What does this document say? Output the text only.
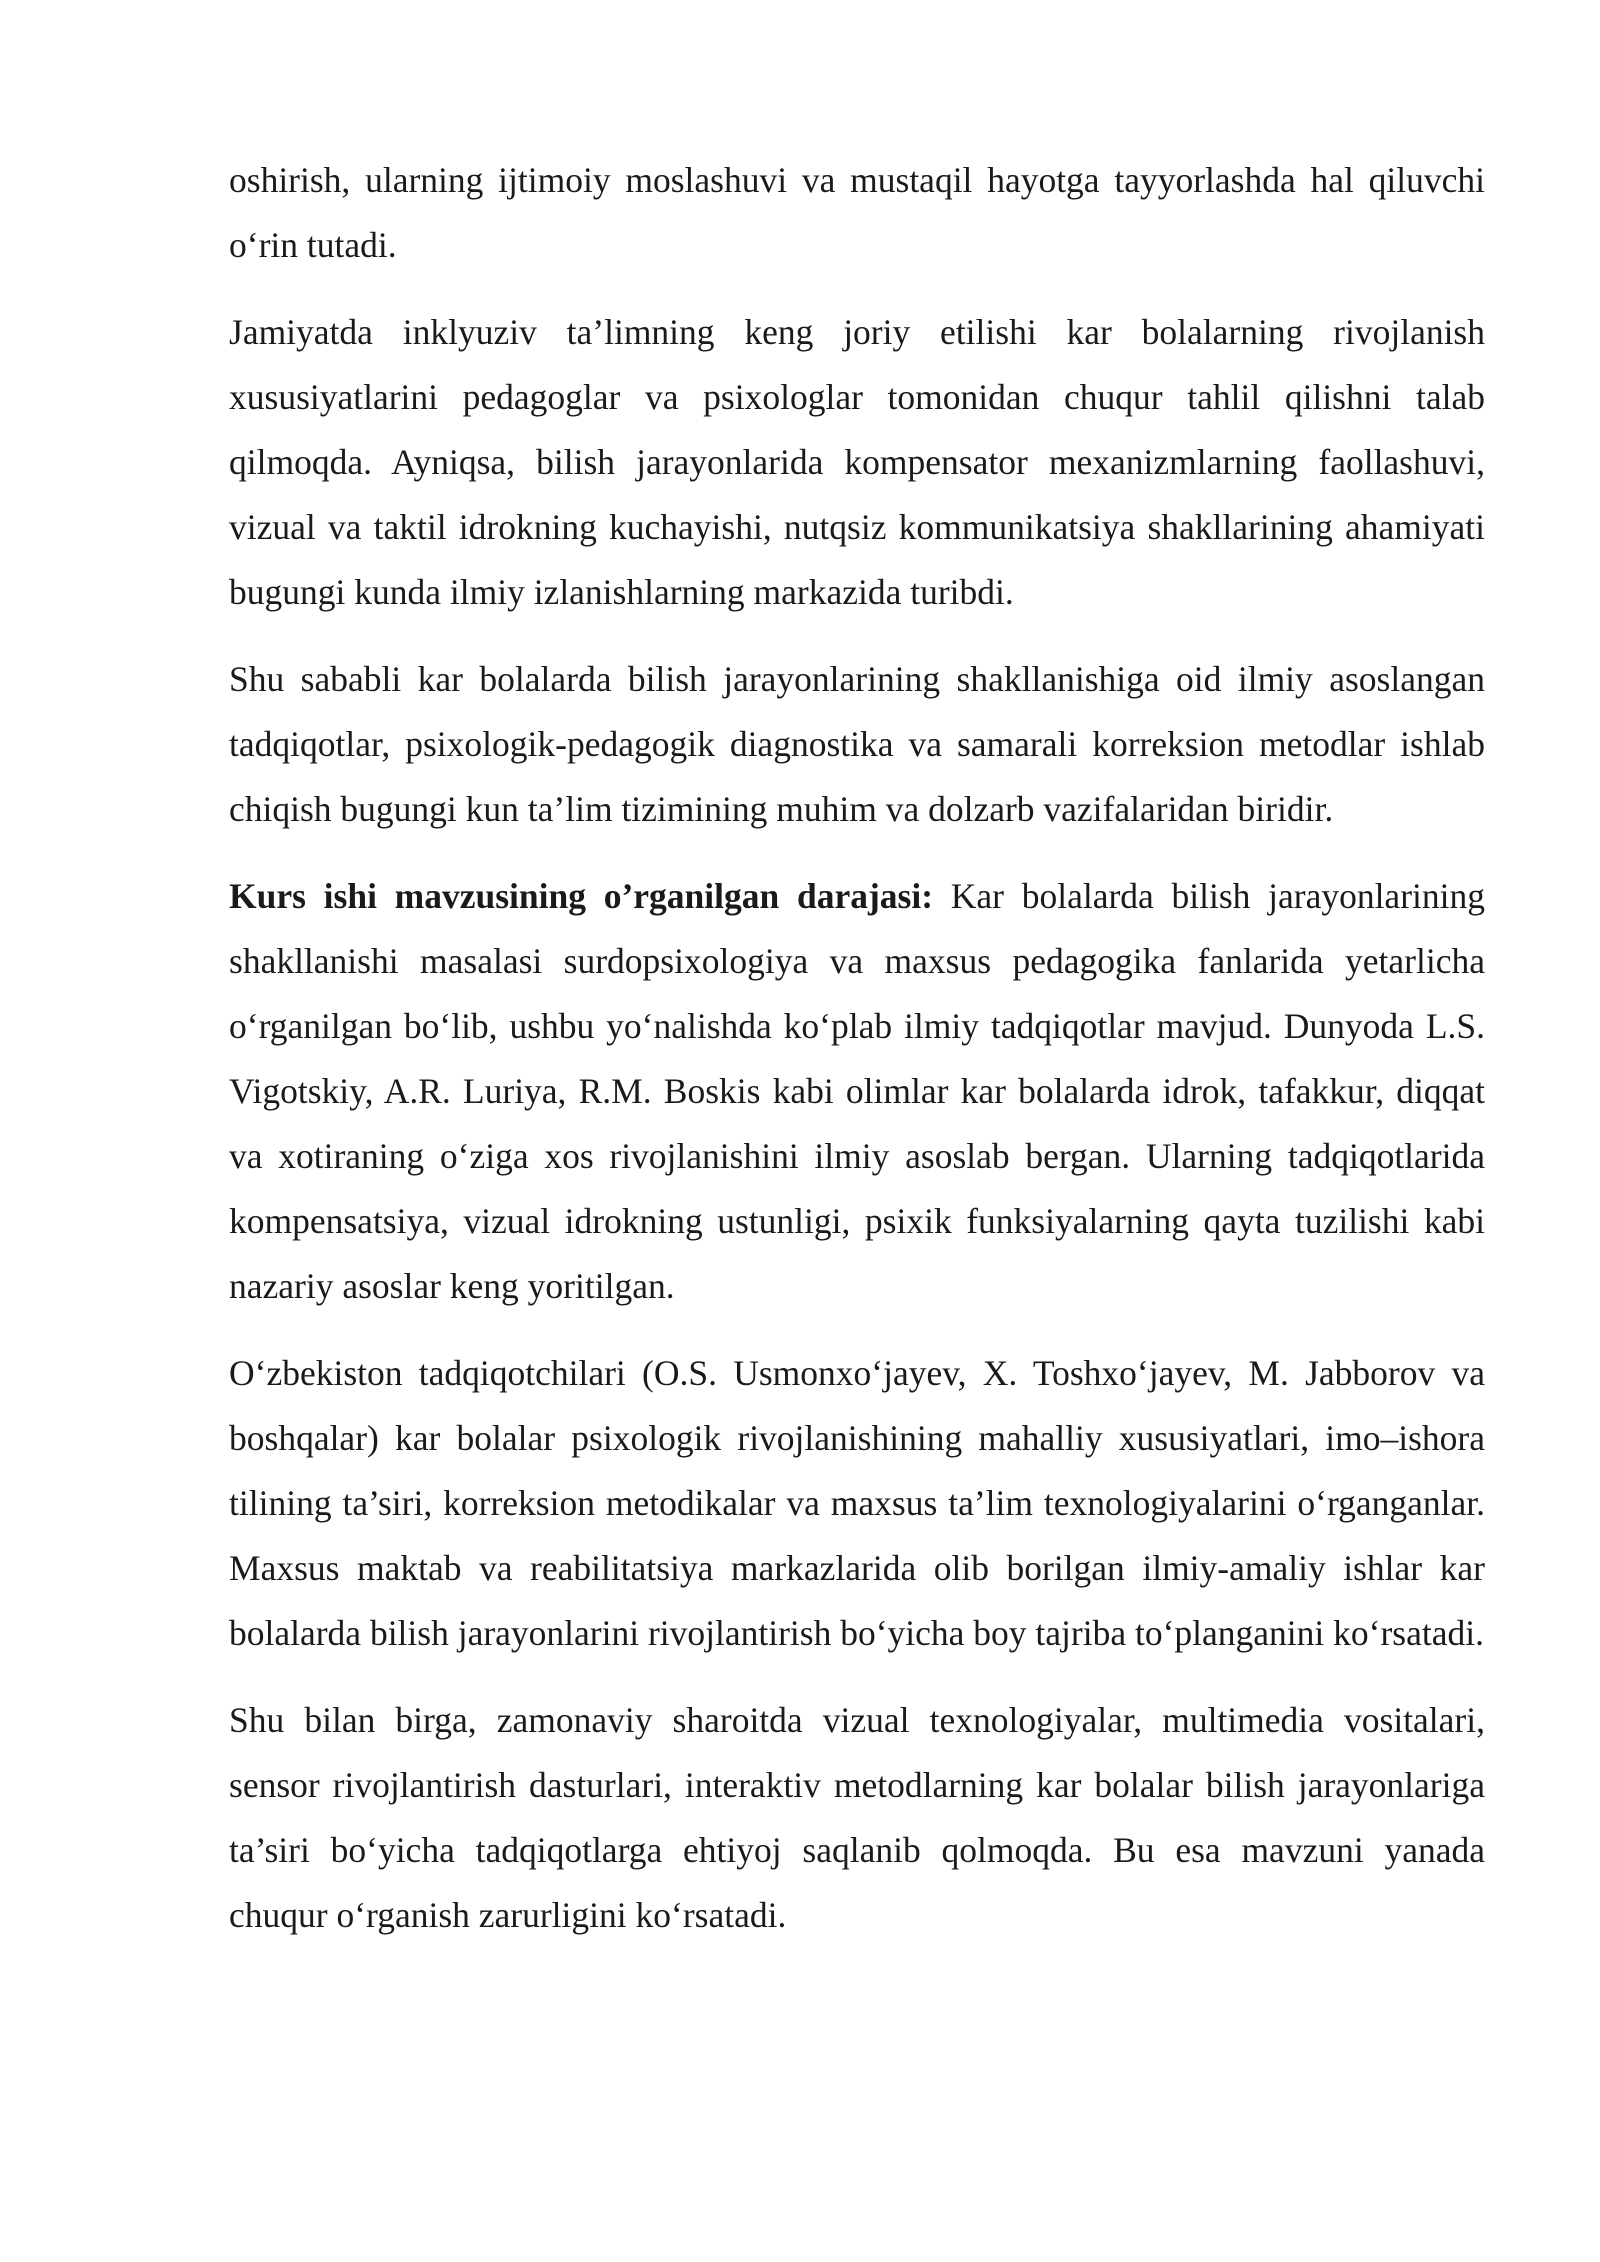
oshirish, ularning ijtimoiy moslashuvi va mustaqil hayotga tayyorlashda hal qiluvchi o‘rin tutadi.

Jamiyatda inklyuziv ta’limning keng joriy etilishi kar bolalarning rivojlanish xususiyatlarini pedagoglar va psixologlar tomonidan chuqur tahlil qilishni talab qilmoqda. Ayniqsa, bilish jarayonlarida kompensator mexanizmlarning faollashuvi, vizual va taktil idrokning kuchayishi, nutqsiz kommunikatsiya shakllarining ahamiyati bugungi kunda ilmiy izlanishlarning markazida turibdi.

Shu sababli kar bolalarda bilish jarayonlarining shakllanishiga oid ilmiy asoslangan tadqiqotlar, psixologik-pedagogik diagnostika va samarali korreksion metodlar ishlab chiqish bugungi kun ta’lim tizimining muhim va dolzarb vazifalaridan biridir.

Kurs ishi mavzusining o’rganilgan darajasi: Kar bolalarda bilish jarayonlarining shakllanishi masalasi surdopsixologiya va maxsus pedagogika fanlarida yetarlicha o‘rganilgan bo‘lib, ushbu yo‘nalishda ko‘plab ilmiy tadqiqotlar mavjud. Dunyoda L.S. Vigotskiy, A.R. Luriya, R.M. Boskis kabi olimlar kar bolalarda idrok, tafakkur, diqqat va xotiraning o‘ziga xos rivojlanishini ilmiy asoslab bergan. Ularning tadqiqotlarida kompensatsiya, vizual idrokning ustunligi, psixik funksiyalarning qayta tuzilishi kabi nazariy asoslar keng yoritilgan.

O‘zbekiston tadqiqotchilari (O.S. Usmonxo‘jayev, X. Toshxo‘jayev, M. Jabborov va boshqalar) kar bolalar psixologik rivojlanishining mahalliy xususiyatlari, imo–ishora tilining ta’siri, korreksion metodikalar va maxsus ta’lim texnologiyalarini o‘rganganlar. Maxsus maktab va reabilitatsiya markazlarida olib borilgan ilmiy-amaliy ishlar kar bolalarda bilish jarayonlarini rivojlantirish bo‘yicha boy tajriba to‘planganini ko‘rsatadi.

Shu bilan birga, zamonaviy sharoitda vizual texnologiyalar, multimedia vositalari, sensor rivojlantirish dasturlari, interaktiv metodlarning kar bolalar bilish jarayonlariga ta’siri bo‘yicha tadqiqotlarga ehtiyoj saqlanib qolmoqda. Bu esa mavzuni yanada chuqur o‘rganish zarurligini ko‘rsatadi.
